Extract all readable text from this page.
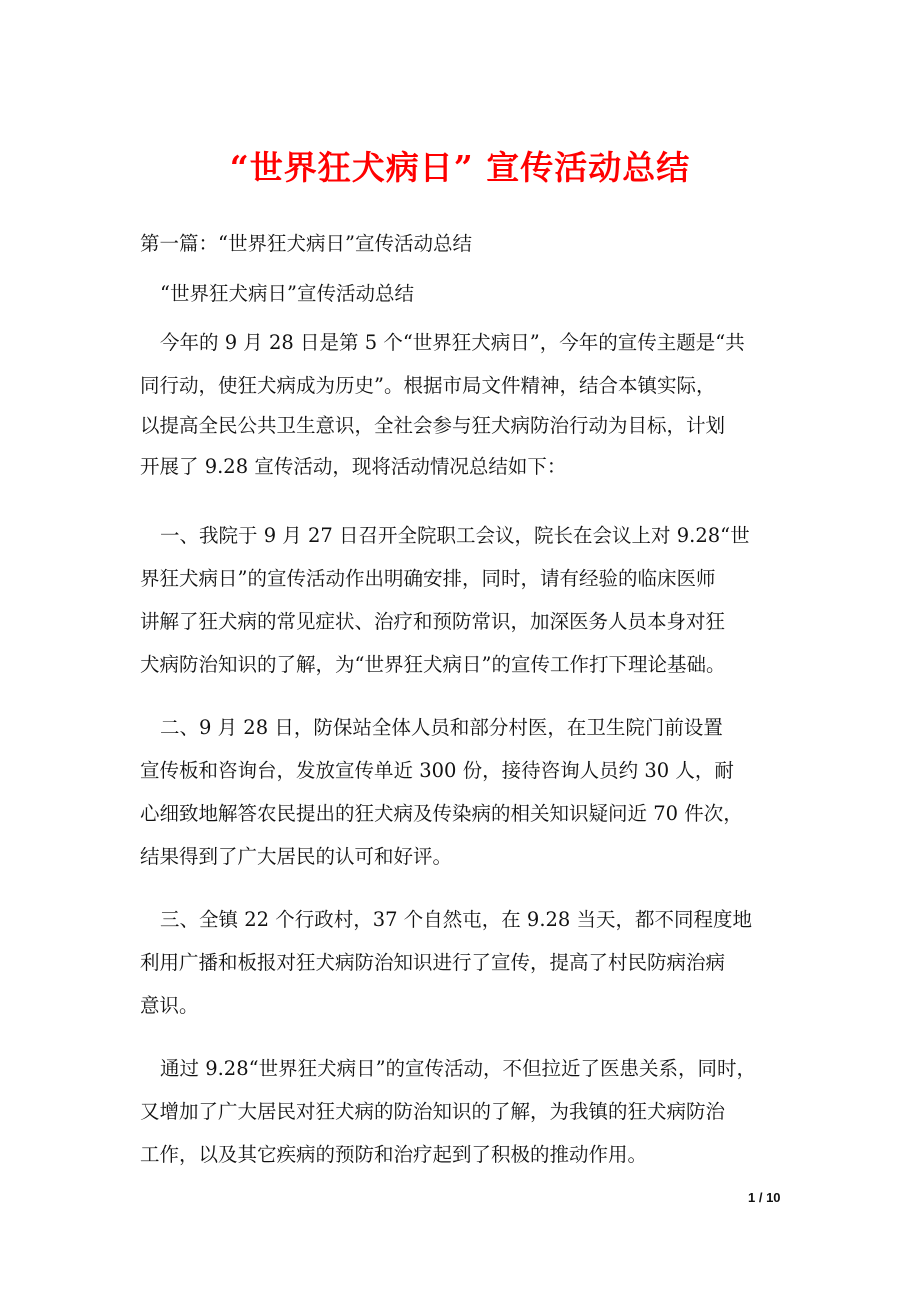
“世界狂犬病日” 宣传活动总结
第一篇：“世界狂犬病日”宣传活动总结
“世界狂犬病日”宣传活动总结
今年的 9 月 28 日是第 5 个“世界狂犬病日”，今年的宣传主题是“共
同行动，使狂犬病成为历史”。根据市局文件精神，结合本镇实际，
以提高全民公共卫生意识，全社会参与狂犬病防治行动为目标，计划
开展了 9.28 宣传活动，现将活动情况总结如下：
一、我院于 9 月 27 日召开全院职工会议，院长在会议上对 9.28“世
界狂犬病日”的宣传活动作出明确安排，同时，请有经验的临床医师
讲解了狂犬病的常见症状、治疗和预防常识，加深医务人员本身对狂
犬病防治知识的了解，为“世界狂犬病日”的宣传工作打下理论基础。
二、9 月 28 日，防保站全体人员和部分村医，在卫生院门前设置
宣传板和咨询台，发放宣传单近 300 份，接待咨询人员约 30 人，耐
心细致地解答农民提出的狂犬病及传染病的相关知识疑问近 70 件次，
结果得到了广大居民的认可和好评。
三、全镇 22 个行政村，37 个自然屯，在 9.28 当天，都不同程度地
利用广播和板报对狂犬病防治知识进行了宣传，提高了村民防病治病
意识。
通过 9.28“世界狂犬病日”的宣传活动，不但拉近了医患关系，同时，
又增加了广大居民对狂犬病的防治知识的了解，为我镇的狂犬病防治
工作，以及其它疾病的预防和治疗起到了积极的推动作用。
1 / 10
